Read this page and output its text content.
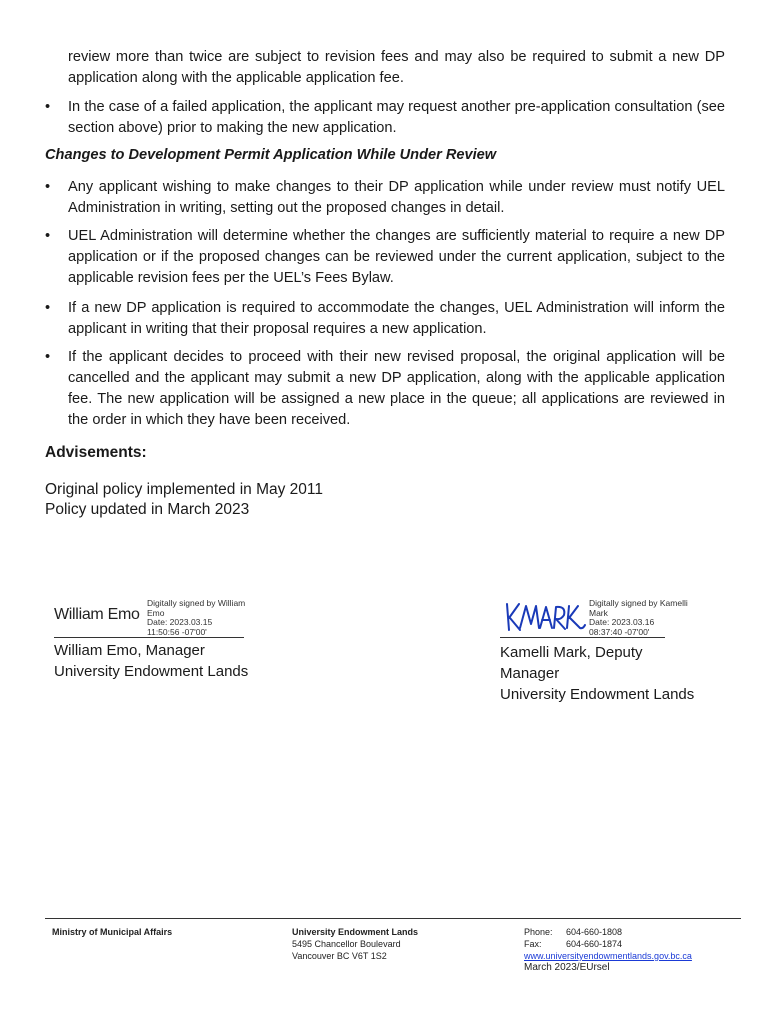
review more than twice are subject to revision fees and may also be required to submit a new DP application along with the applicable application fee.
•	In the case of a failed application, the applicant may request another pre-application consultation (see section above) prior to making the new application.
Changes to Development Permit Application While Under Review
•	Any applicant wishing to make changes to their DP application while under review must notify UEL Administration in writing, setting out the proposed changes in detail.
•	UEL Administration will determine whether the changes are sufficiently material to require a new DP application or if the proposed changes can be reviewed under the current application, subject to the applicable revision fees per the UEL’s Fees Bylaw.
•	If a new DP application is required to accommodate the changes, UEL Administration will inform the applicant in writing that their proposal requires a new application.
•	If the applicant decides to proceed with their new revised proposal, the original application will be cancelled and the applicant may submit a new DP application, along with the applicable application fee. The new application will be assigned a new place in the queue; all applications are reviewed in the order in which they have been received.
Advisements:
Original policy implemented in May 2011
Policy updated in March 2023
William Emo
Digitally signed by William
Emo
Date: 2023.03.15
11:50:56 -07'00'
William Emo, Manager
University Endowment Lands
Digitally signed by Kamelli
Mark
Date: 2023.03.16
08:37:40 -07'00'
Kamelli Mark, Deputy
Manager
University Endowment Lands
Ministry of Municipal Affairs	University Endowment Lands
5495 Chancellor Boulevard
Vancouver BC V6T 1S2
Phone: 604-660-1808
Fax:	604-660-1874
www.universityendowmentlands.gov.bc.ca
March 2023/EUrsel
